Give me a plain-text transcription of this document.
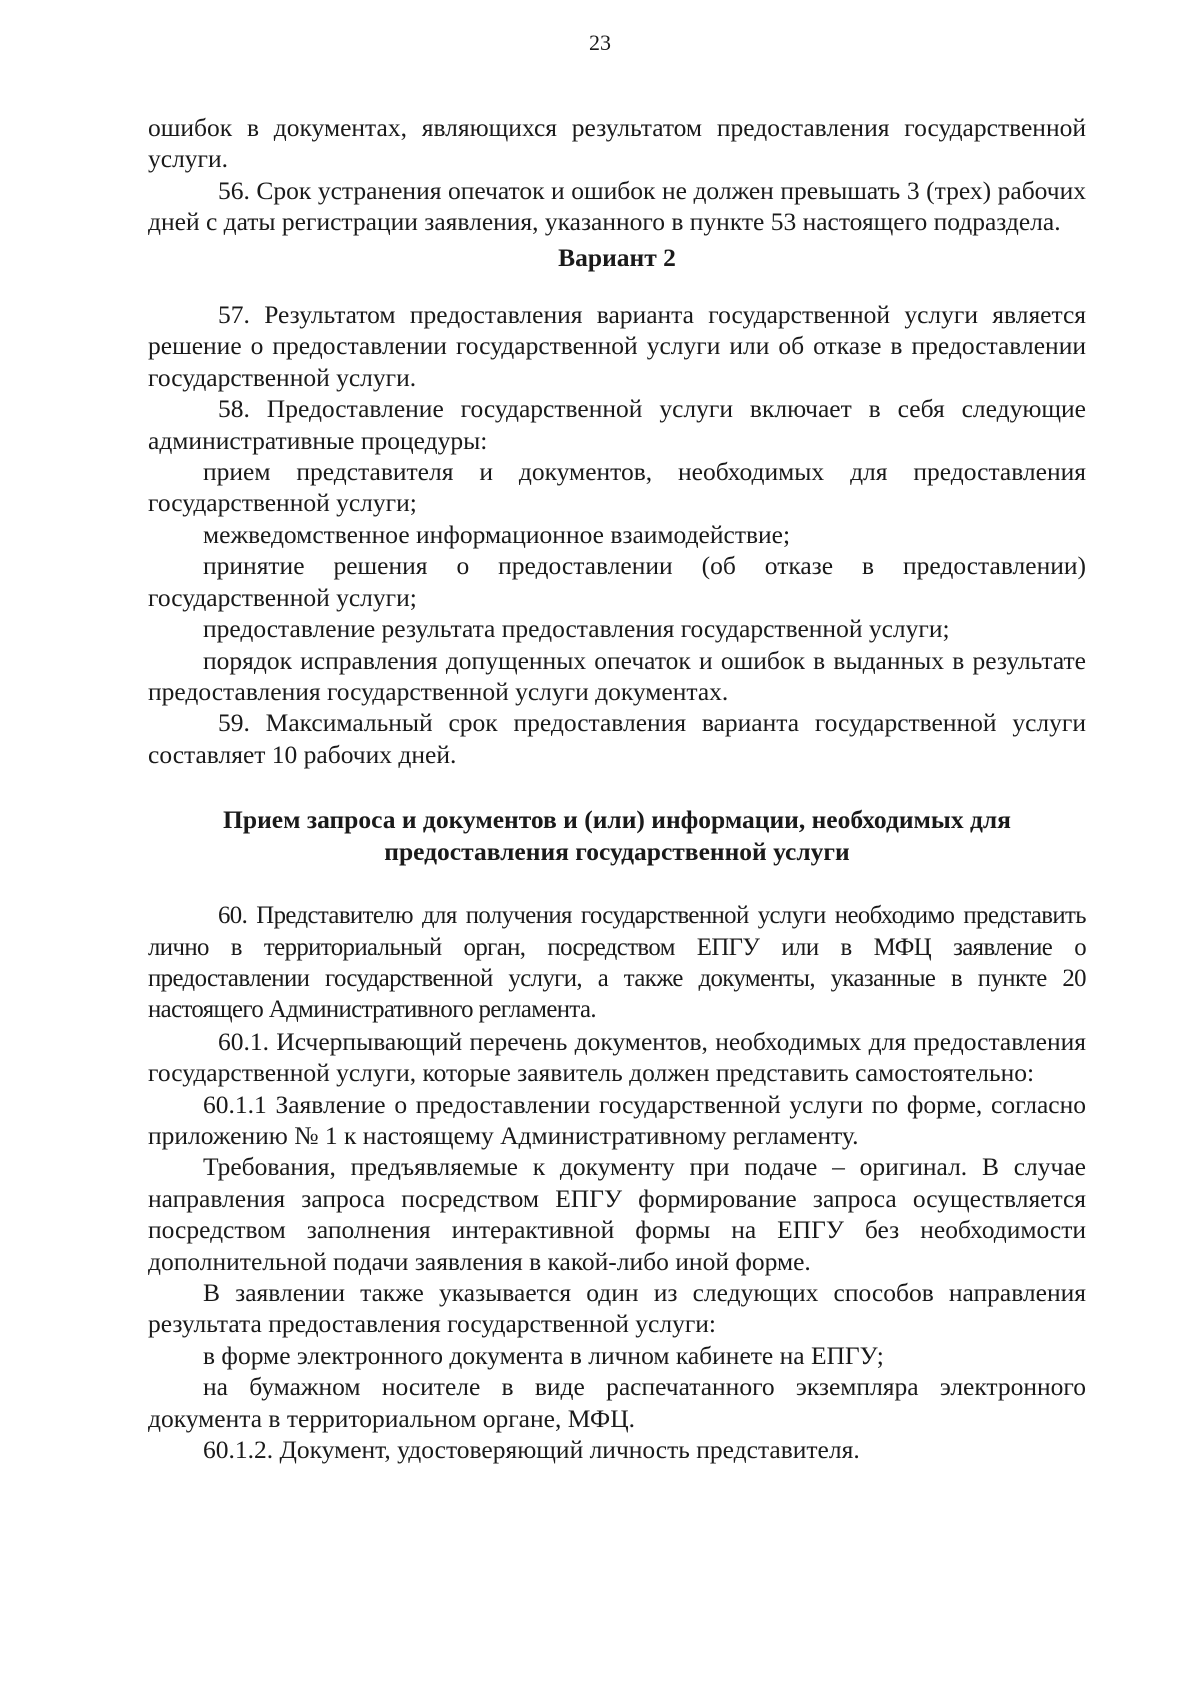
23

ошибок в документах, являющихся результатом предоставления государственной услуги.

56. Срок устранения опечаток и ошибок не должен превышать 3 (трех) рабочих дней с даты регистрации заявления, указанного в пункте 53 настоящего подраздела.

Вариант 2

57. Результатом предоставления варианта государственной услуги является решение о предоставлении государственной услуги или об отказе в предоставлении государственной услуги.

58. Предоставление государственной услуги включает в себя следующие административные процедуры:

прием представителя и документов, необходимых для предоставления государственной услуги;

межведомственное информационное взаимодействие;

принятие решения о предоставлении (об отказе в предоставлении) государственной услуги;

предоставление результата предоставления государственной услуги;

порядок исправления допущенных опечаток и ошибок в выданных в результате предоставления государственной услуги документах.

59. Максимальный срок предоставления варианта государственной услуги составляет 10 рабочих дней.

Прием запроса и документов и (или) информации, необходимых для предоставления государственной услуги

60. Представителю для получения государственной услуги необходимо представить лично в территориальный орган, посредством ЕПГУ или в МФЦ заявление о предоставлении государственной услуги, а также документы, указанные в пункте 20 настоящего Административного регламента.

60.1. Исчерпывающий перечень документов, необходимых для предоставления государственной услуги, которые заявитель должен представить самостоятельно:

60.1.1 Заявление о предоставлении государственной услуги по форме, согласно приложению № 1 к настоящему Административному регламенту.

Требования, предъявляемые к документу при подаче – оригинал. В случае направления запроса посредством ЕПГУ формирование запроса осуществляется посредством заполнения интерактивной формы на ЕПГУ без необходимости дополнительной подачи заявления в какой-либо иной форме.

В заявлении также указывается один из следующих способов направления результата предоставления государственной услуги:

в форме электронного документа в личном кабинете на ЕПГУ;

на бумажном носителе в виде распечатанного экземпляра электронного документа в территориальном органе, МФЦ.

60.1.2. Документ, удостоверяющий личность представителя.
